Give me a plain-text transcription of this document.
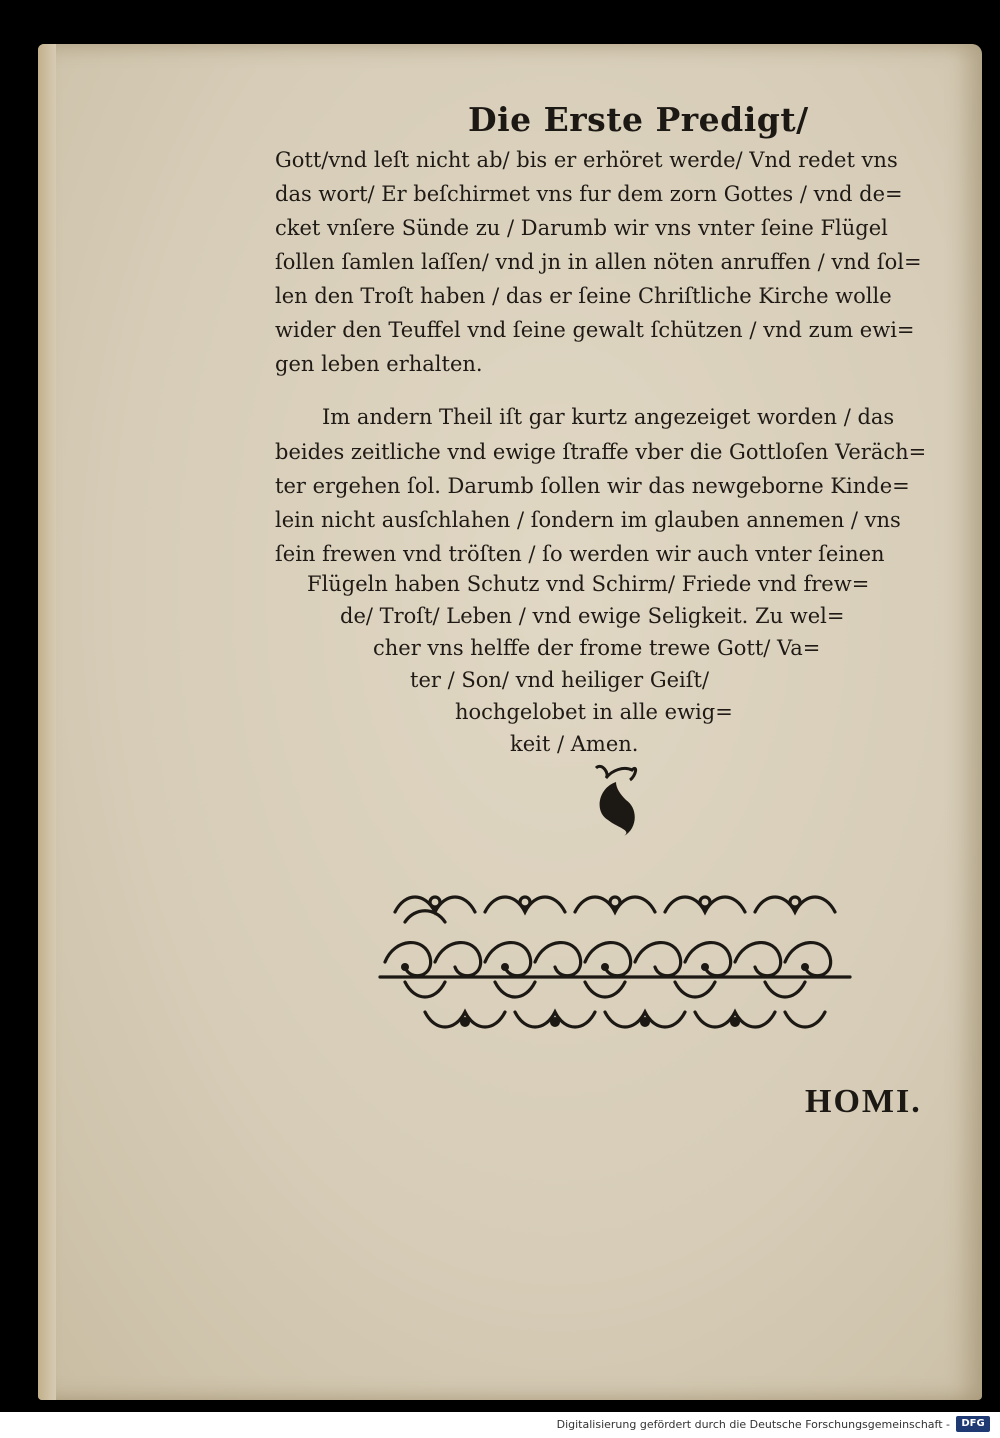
Die Erste Predigt/
Gott/vnd leſt nicht ab/ bis er erhöret werde/ Vnd redet vns
das wort/ Er beſchirmet vns fur dem zorn Gottes / vnd de=
cket vnſere Sünde zu / Darumb wir vns vnter ſeine Flügel
ſollen ſamlen laſſen/ vnd jn in allen nöten anruffen / vnd ſol=
len den Troſt haben / das er ſeine Chriſtliche Kirche wolle
wider den Teuffel vnd ſeine gewalt ſchützen / vnd zum ewi=
gen leben erhalten.
Im andern Theil iſt gar kurtz angezeiget worden / das
beides zeitliche vnd ewige ſtraffe vber die Gottloſen Veräch=
ter ergehen ſol. Darumb ſollen wir das newgeborne Kinde=
lein nicht ausſchlahen / ſondern im glauben annemen / vns
ſein frewen vnd tröſten / ſo werden wir auch vnter ſeinen
Flügeln haben Schutz vnd Schirm/ Friede vnd frew=
de/ Troſt/ Leben / vnd ewige Seligkeit. Zu wel=
cher vns helffe der frome trewe Gott/ Va=
ter / Son/ vnd heiliger Geiſt/
hochgelobet in alle ewig=
keit / Amen.
HOMI.
Digitalisierung gefördert durch die Deutsche Forschungsgemeinschaft -	DFG
